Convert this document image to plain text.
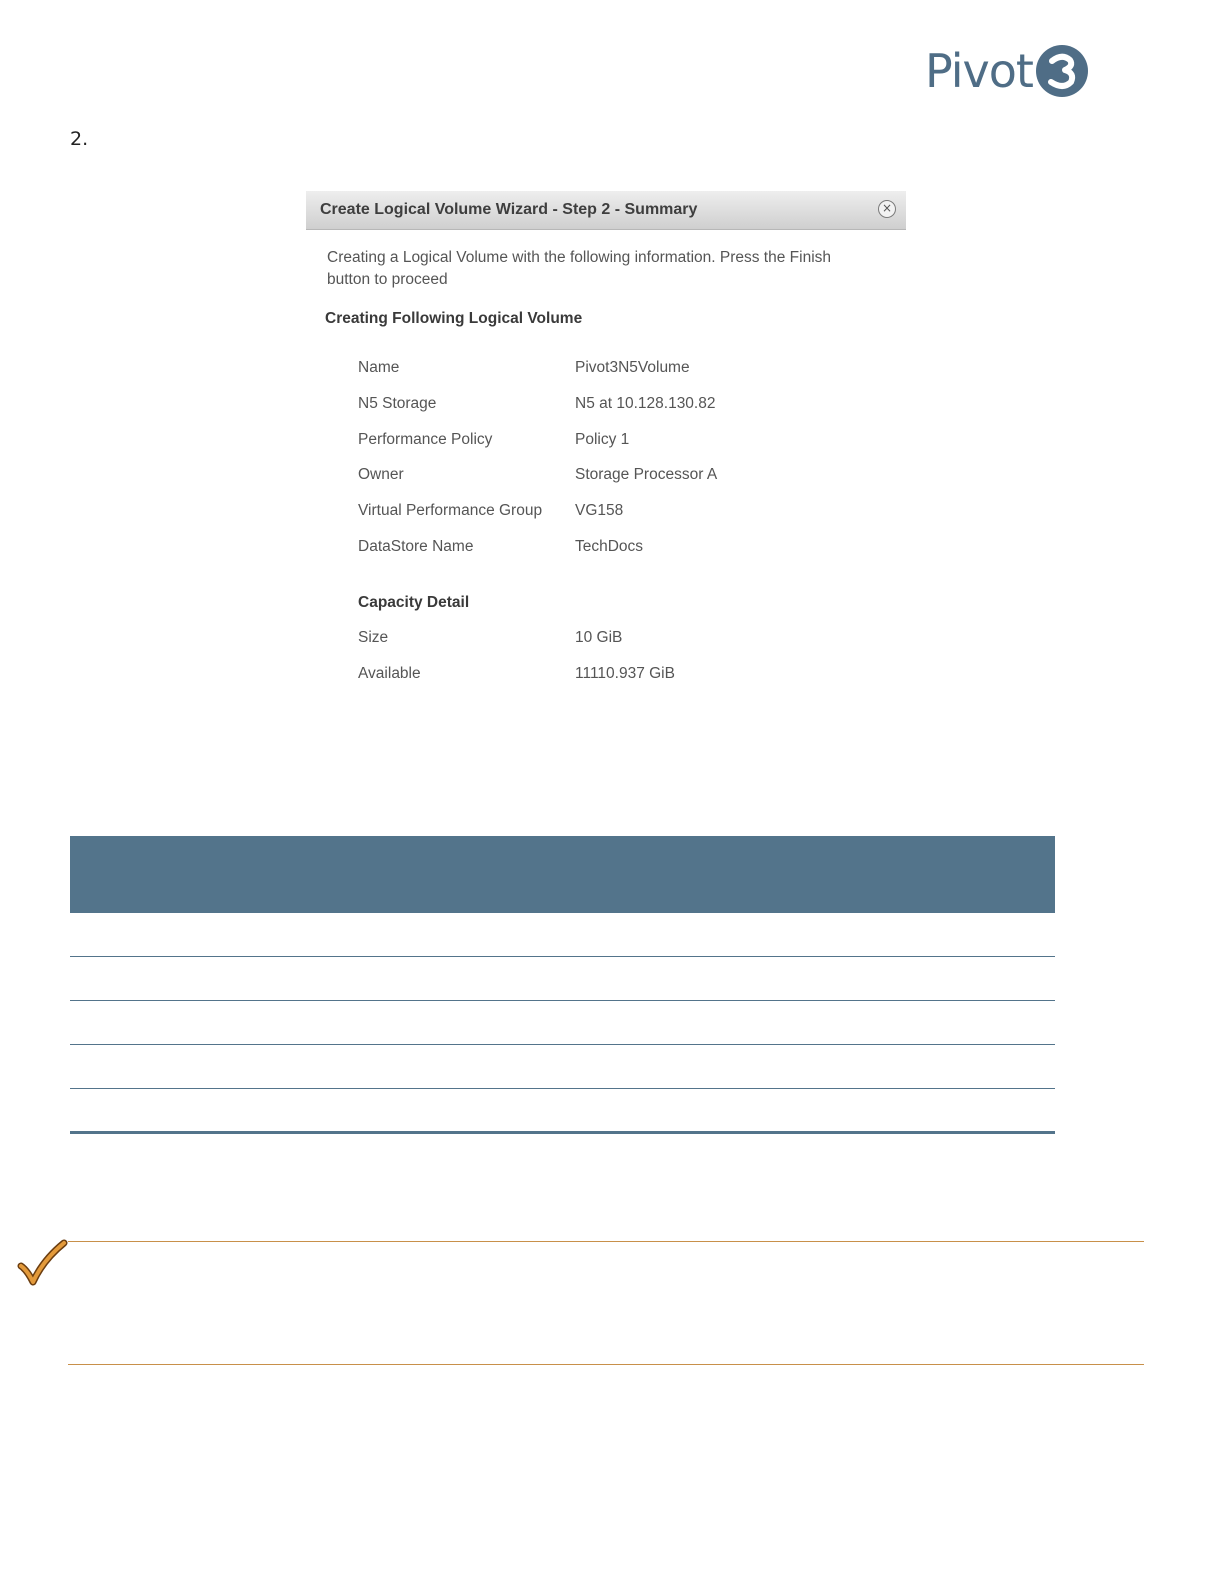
Pivot
2.
Create Logical Volume Wizard - Step 2 - Summary	×
Creating a Logical Volume with the following information. Press the Finish
button to proceed
Creating Following Logical Volume
Name	Pivot3N5Volume
N5 Storage	N5 at 10.128.130.82
Performance Policy	Policy 1
Owner	Storage Processor A
Virtual Performance Group VG158
DataStore Name	TechDocs
Capacity Detail
Size	10 GiB
Available	11110.937 GiB
